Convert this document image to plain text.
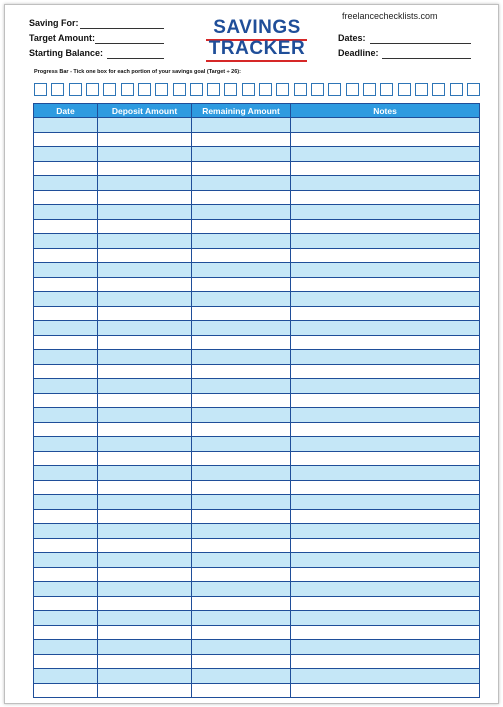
Saving For:
Target Amount:
Starting Balance:
SAVINGS
TRACKER
freelancechecklists.com
Dates:
Deadline:
Progress Bar - Tick one box for each portion of your savings goal (Target ÷ 26):
Date	Deposit Amount	Remaining Amount	Notes
